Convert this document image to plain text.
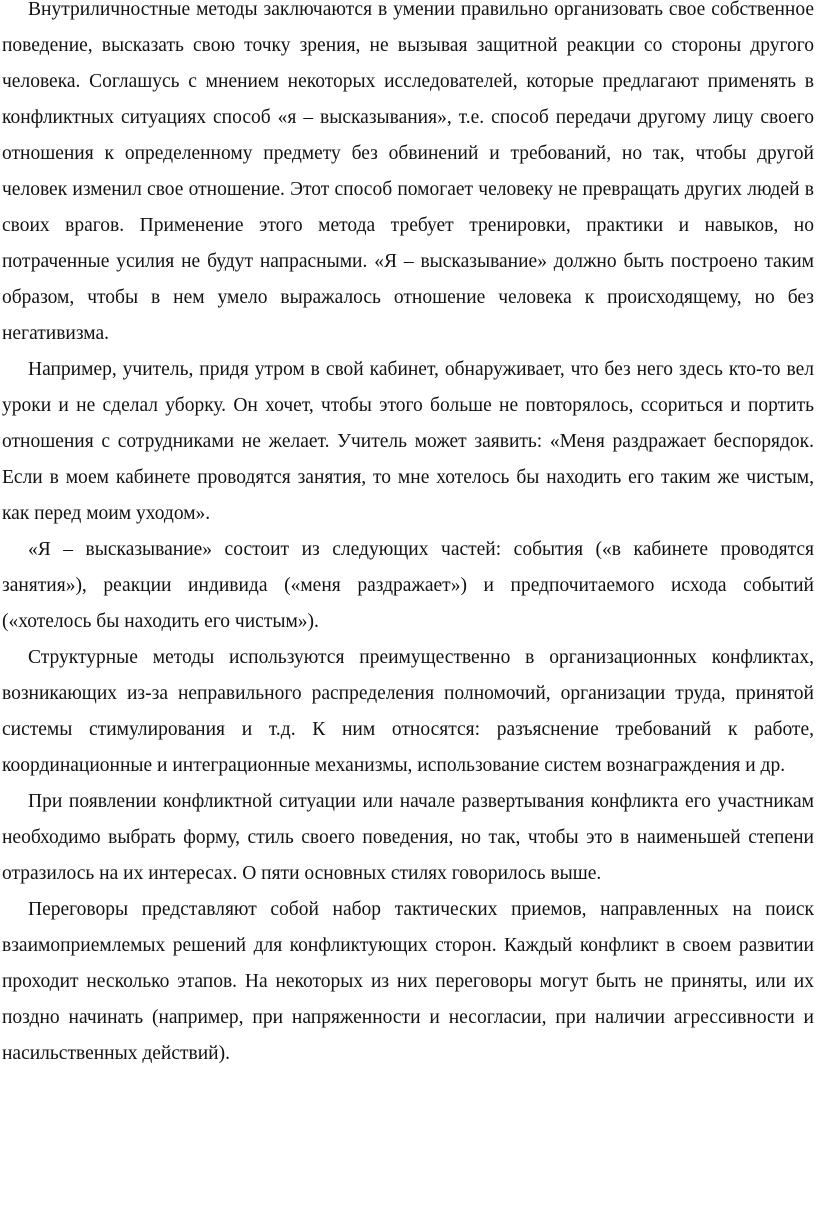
Внутриличностные методы заключаются в умении правильно организовать свое собственное поведение, высказать свою точку зрения, не вызывая защитной реакции со стороны другого человека. Соглашусь с мнением некоторых исследователей, которые предлагают применять в конфликтных ситуациях способ «я – высказывания», т.е. способ передачи другому лицу своего отношения к определенному предмету без обвинений и требований, но так, чтобы другой человек изменил свое отношение. Этот способ помогает человеку не превращать других людей в своих врагов. Применение этого метода требует тренировки, практики и навыков, но потраченные усилия не будут напрасными. «Я – высказывание» должно быть построено таким образом, чтобы в нем умело выражалось отношение человека к происходящему, но без негативизма.

Например, учитель, придя утром в свой кабинет, обнаруживает, что без него здесь кто-то вел уроки и не сделал уборку. Он хочет, чтобы этого больше не повторялось, ссориться и портить отношения с сотрудниками не желает. Учитель может заявить: «Меня раздражает беспорядок. Если в моем кабинете проводятся занятия, то мне хотелось бы находить его таким же чистым, как перед моим уходом».

«Я – высказывание» состоит из следующих частей: события («в кабинете проводятся занятия»), реакции индивида («меня раздражает») и предпочитаемого исхода событий («хотелось бы находить его чистым»).

Структурные методы используются преимущественно в организационных конфликтах, возникающих из-за неправильного распределения полномочий, организации труда, принятой системы стимулирования и т.д. К ним относятся: разъяснение требований к работе, координационные и интеграционные механизмы, использование систем вознаграждения и др.

При появлении конфликтной ситуации или начале развертывания конфликта его участникам необходимо выбрать форму, стиль своего поведения, но так, чтобы это в наименьшей степени отразилось на их интересах. О пяти основных стилях говорилось выше.

Переговоры представляют собой набор тактических приемов, направленных на поиск взаимоприемлемых решений для конфликтующих сторон. Каждый конфликт в своем развитии проходит несколько этапов. На некоторых из них переговоры могут быть не приняты, или их поздно начинать (например, при напряженности и несогласии, при наличии агрессивности и насильственных действий).
